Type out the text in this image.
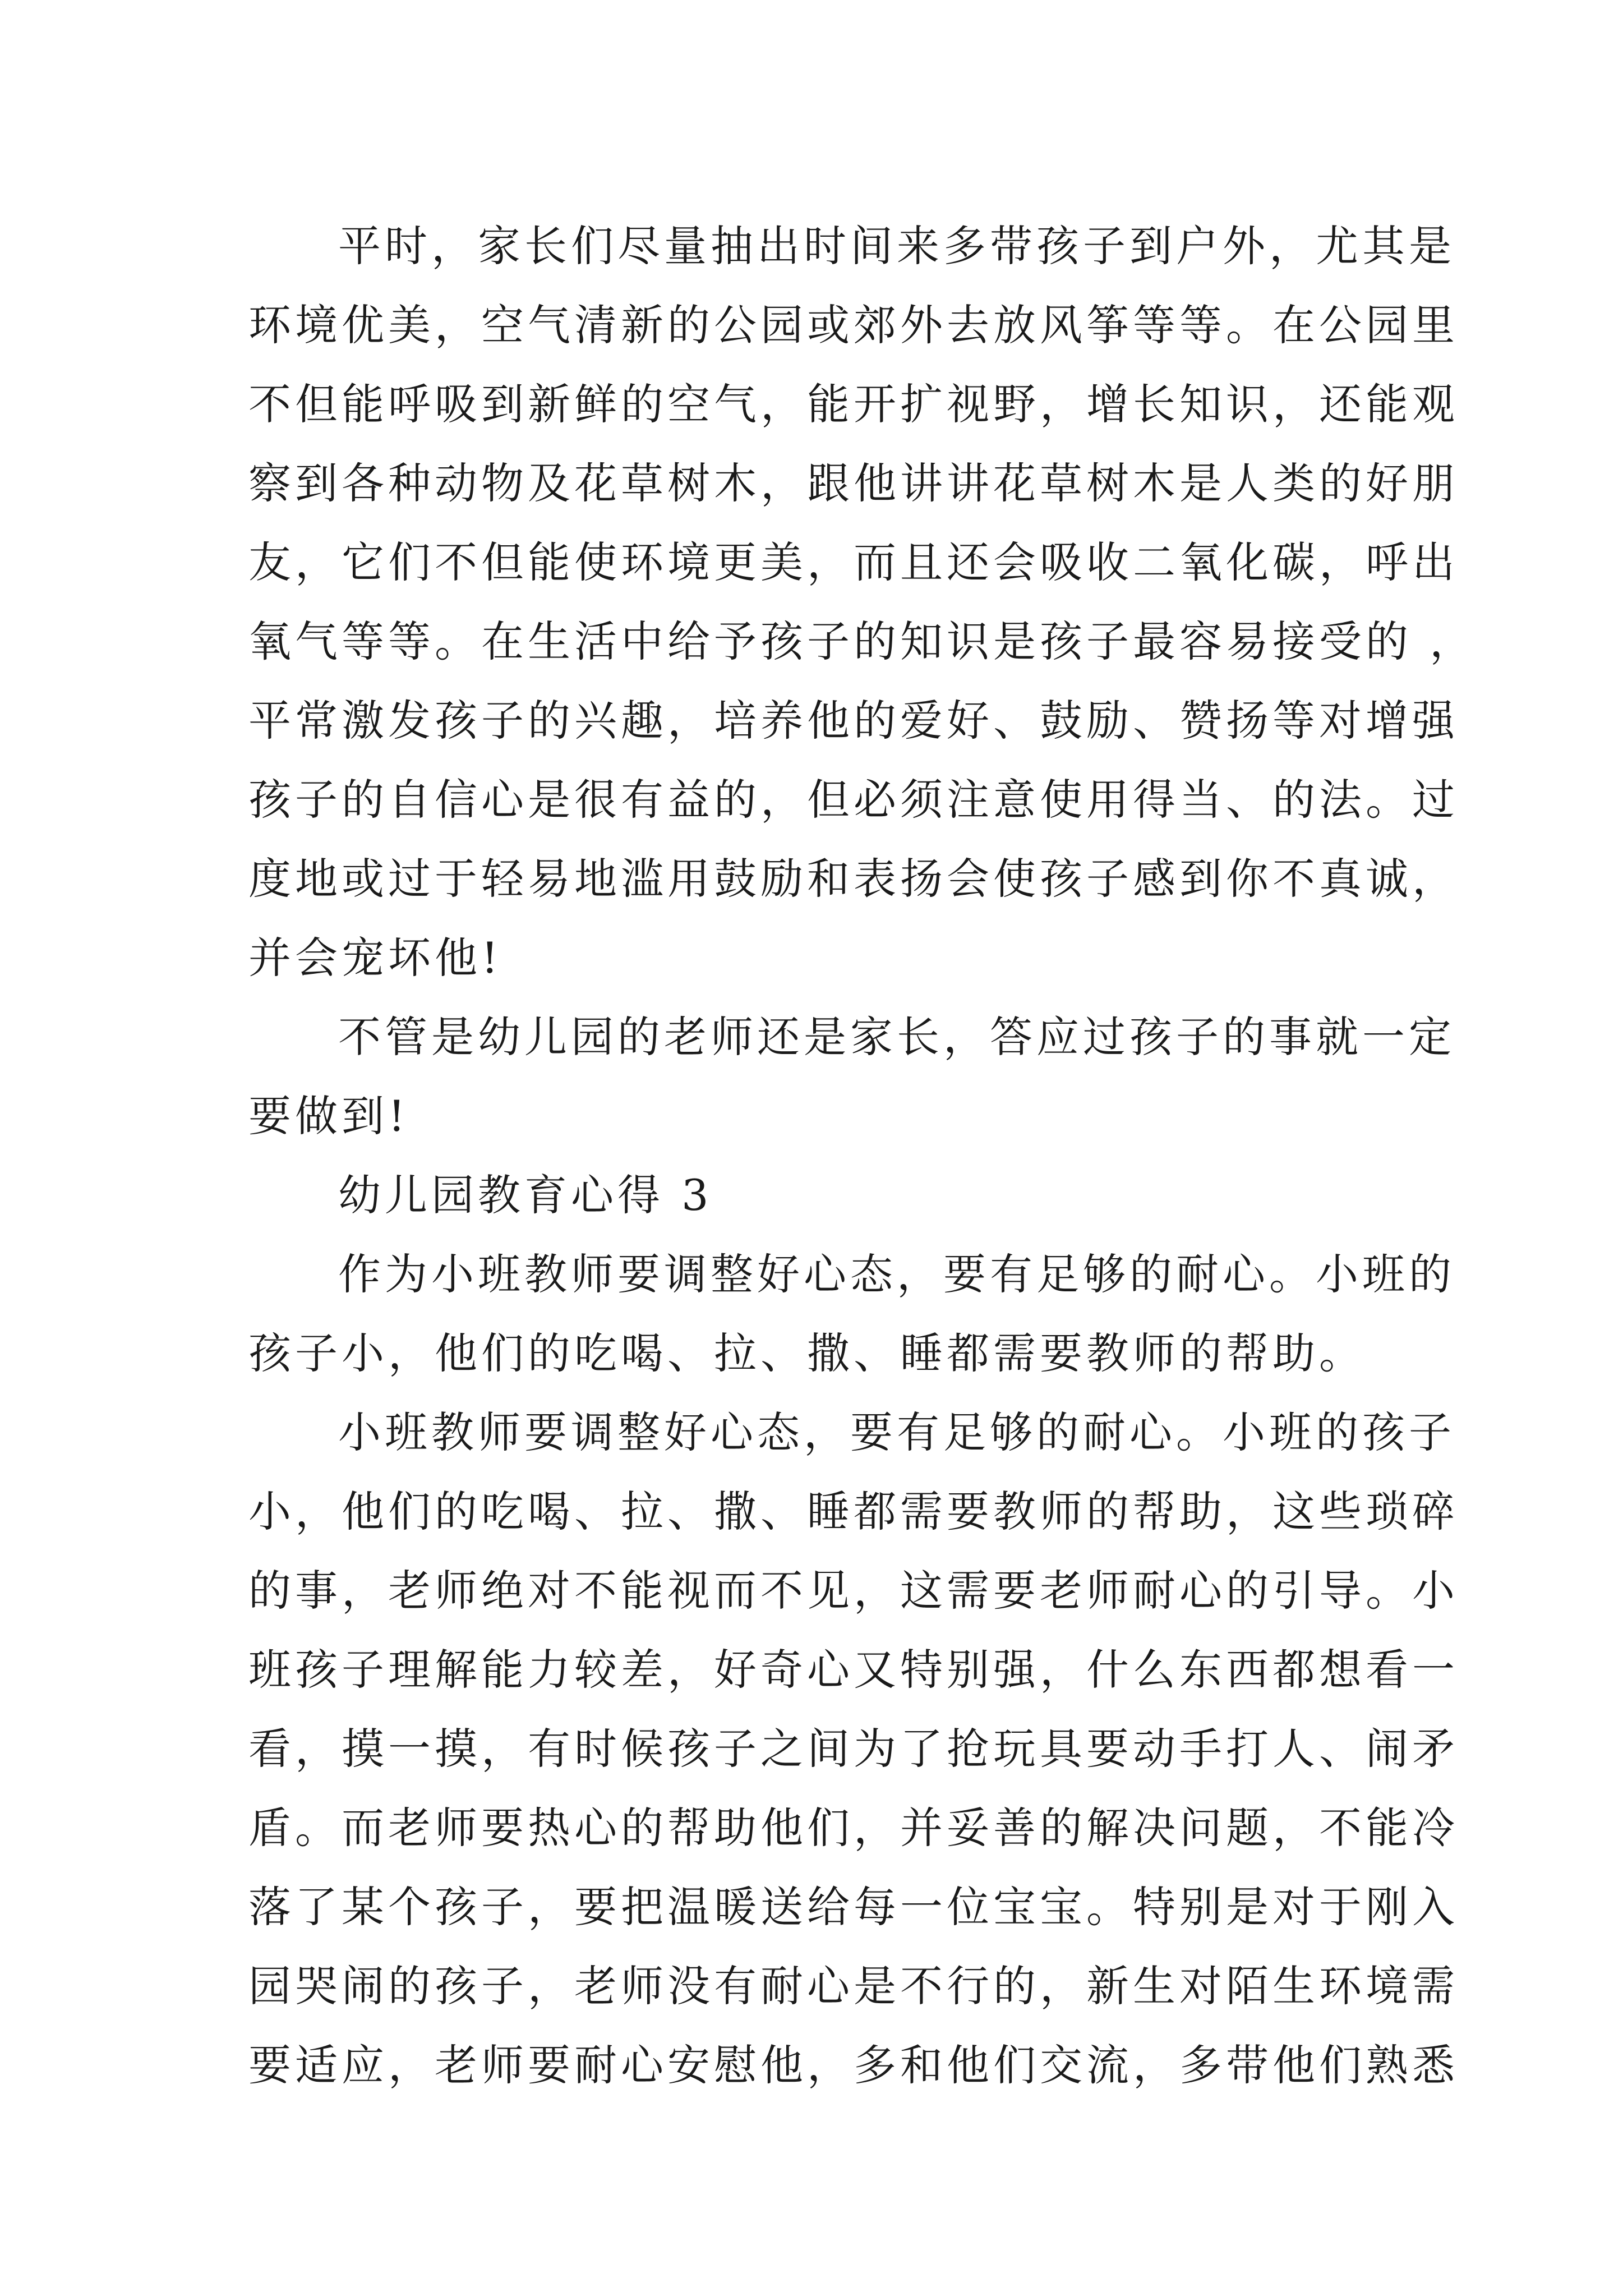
平时，家长们尽量抽出时间来多带孩子到户外，尤其是
环境优美，空气清新的公园或郊外去放风筝等等。在公园里
不但能呼吸到新鲜的空气，能开扩视野，增长知识，还能观
察到各种动物及花草树木，跟他讲讲花草树木是人类的好朋
友，它们不但能使环境更美，而且还会吸收二氧化碳，呼出
氧气等等。在生活中给予孩子的知识是孩子最容易接受的 ，
平常激发孩子的兴趣，培养他的爱好、鼓励、赞扬等对增强
孩子的自信心是很有益的，但必须注意使用得当、的法。过
度地或过于轻易地滥用鼓励和表扬会使孩子感到你不真诚，
并会宠坏他!
不管是幼儿园的老师还是家长，答应过孩子的事就一定
要做到!
幼儿园教育心得 3
作为小班教师要调整好心态，要有足够的耐心。小班的
孩子小，他们的吃喝、拉、撒、睡都需要教师的帮助。
小班教师要调整好心态，要有足够的耐心。小班的孩子
小，他们的吃喝、拉、撒、睡都需要教师的帮助，这些琐碎
的事，老师绝对不能视而不见，这需要老师耐心的引导。小
班孩子理解能力较差，好奇心又特别强，什么东西都想看一
看，摸一摸，有时候孩子之间为了抢玩具要动手打人、闹矛
盾。而老师要热心的帮助他们，并妥善的解决问题，不能冷
落了某个孩子，要把温暖送给每一位宝宝。特别是对于刚入
园哭闹的孩子，老师没有耐心是不行的，新生对陌生环境需
要适应，老师要耐心安慰他，多和他们交流，多带他们熟悉
